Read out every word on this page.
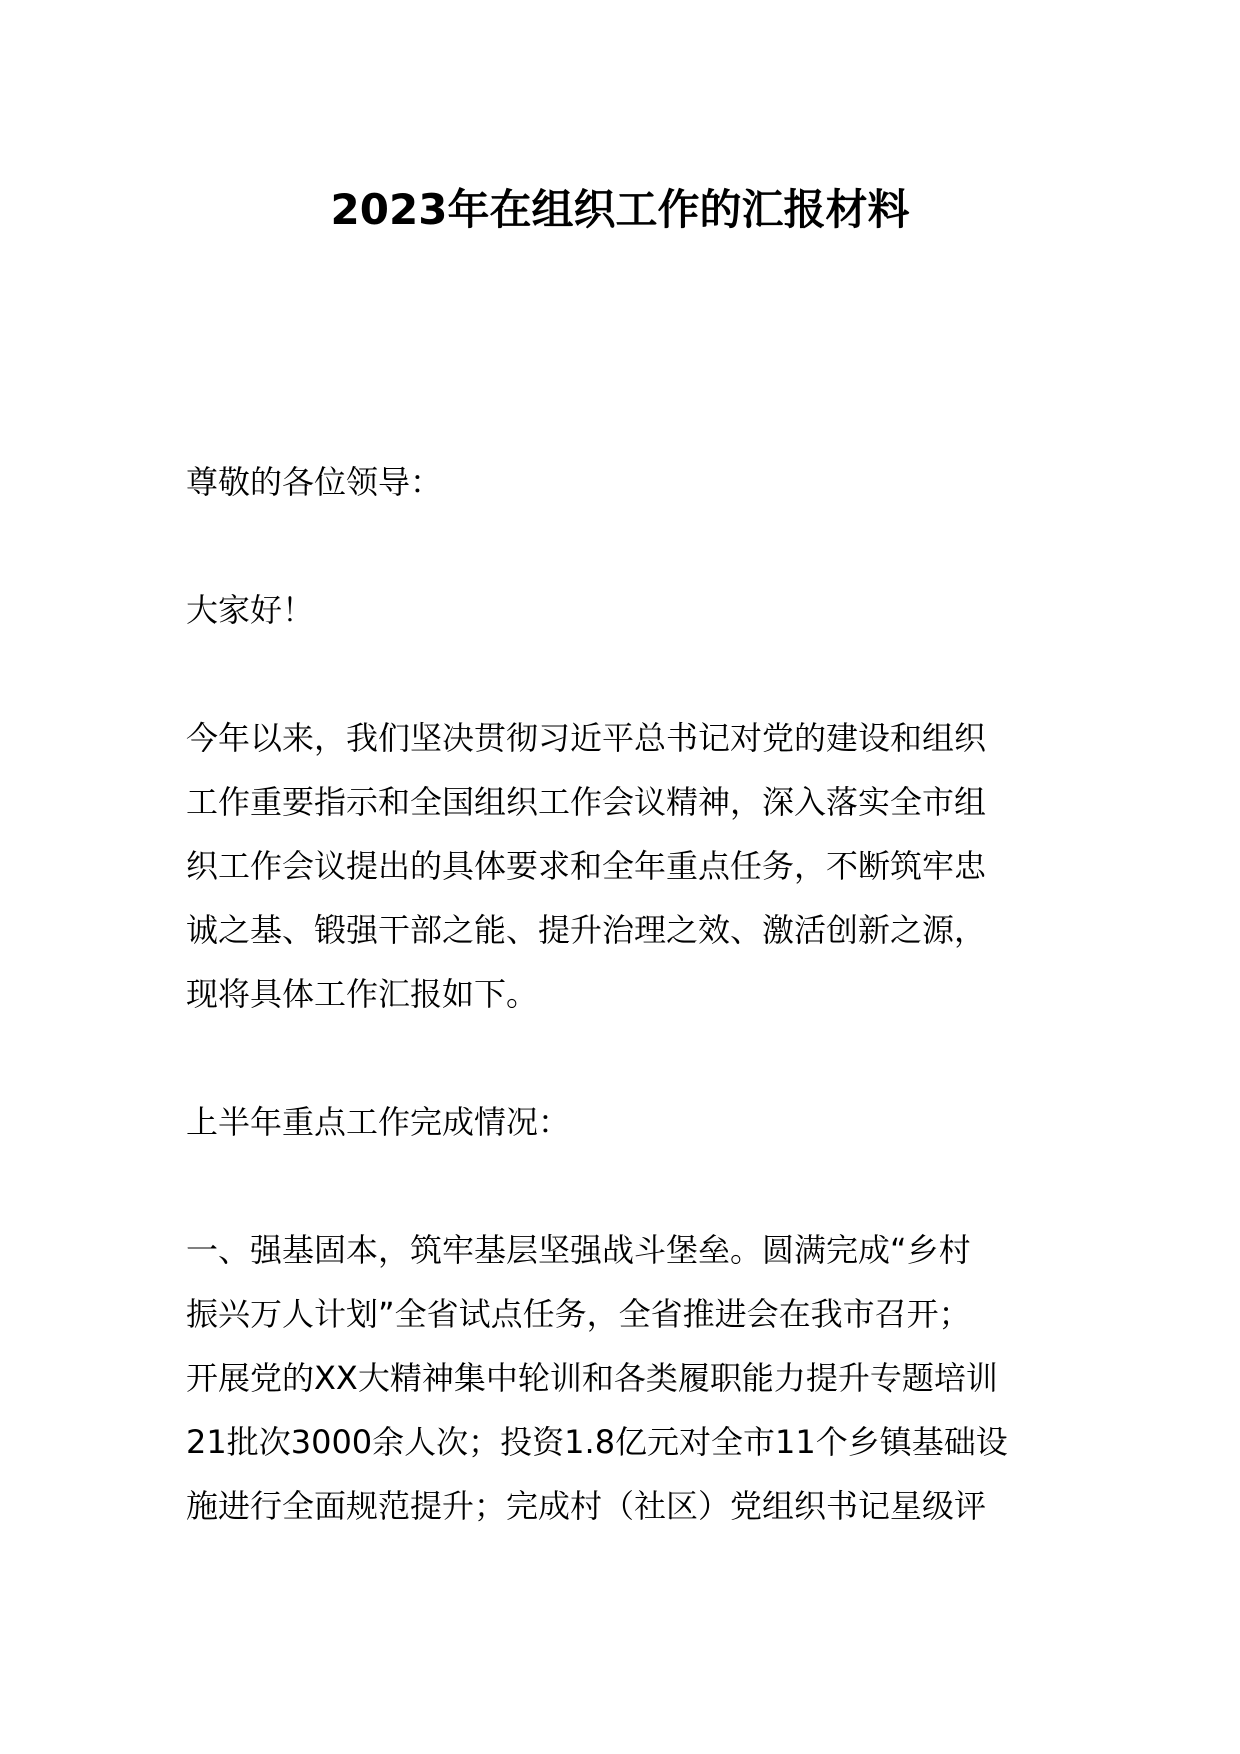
2023年在组织工作的汇报材料
尊敬的各位领导：
大家好！
今年以来，我们坚决贯彻习近平总书记对党的建设和组织
工作重要指示和全国组织工作会议精神，深入落实全市组
织工作会议提出的具体要求和全年重点任务，不断筑牢忠
诚之基、锻强干部之能、提升治理之效、激活创新之源，
现将具体工作汇报如下。
上半年重点工作完成情况：
一、强基固本，筑牢基层坚强战斗堡垒。圆满完成“乡村
振兴万人计划”全省试点任务，全省推进会在我市召开；
开展党的XX大精神集中轮训和各类履职能力提升专题培训
21批次3000余人次；投资1.8亿元对全市11个乡镇基础设
施进行全面规范提升；完成村（社区）党组织书记星级评
